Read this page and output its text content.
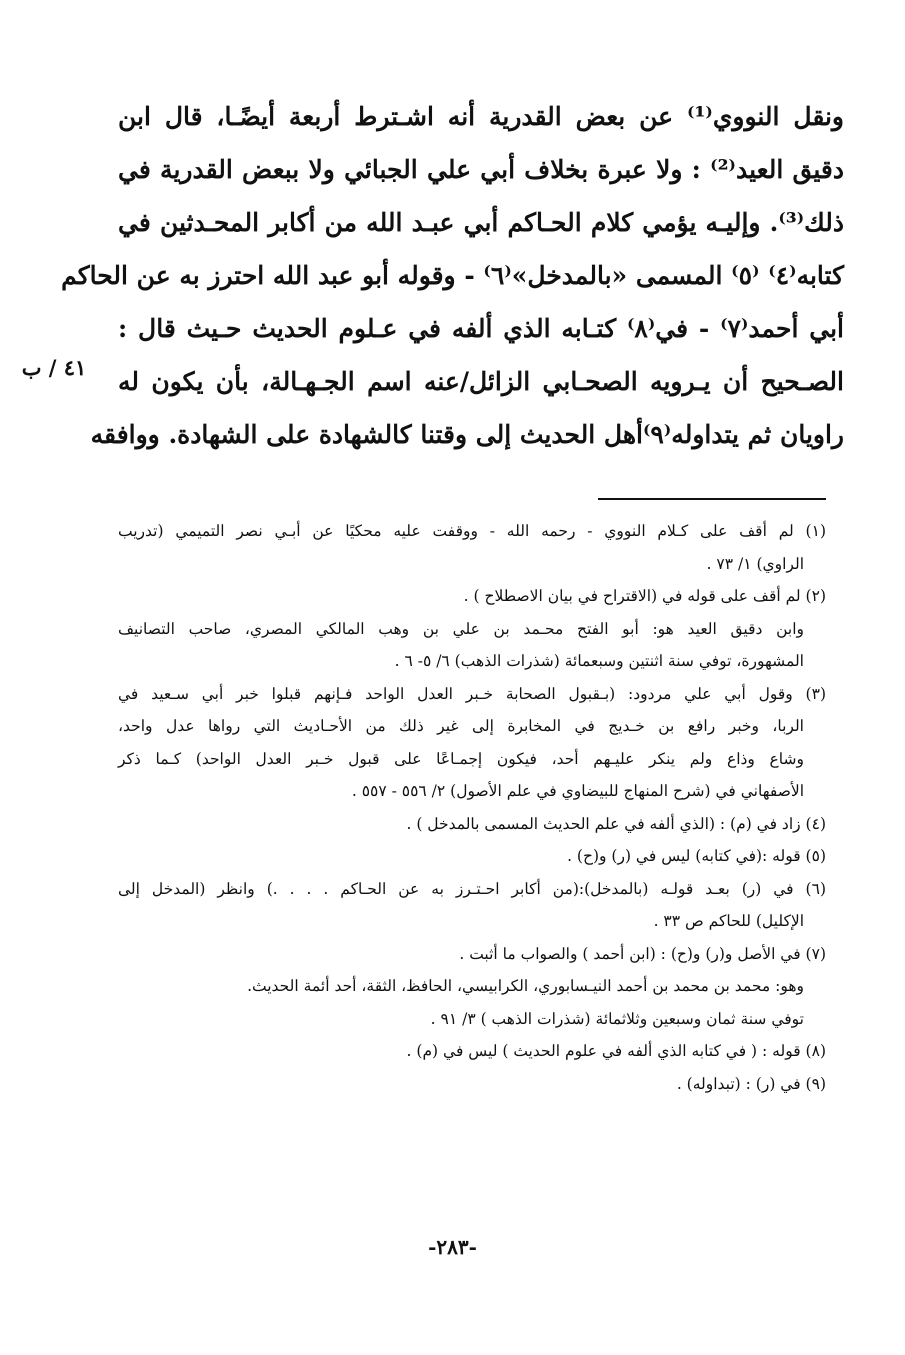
ونقل النووي⁽¹⁾ عن بعض القدرية أنه اشـترط أربعة أيضًـا، قال ابن
دقيق العيد⁽²⁾ : ولا عبرة بخلاف أبي علي الجبائي ولا ببعض القدرية في
ذلك⁽³⁾. وإليـه يؤمي كلام الحـاكم أبي عبـد الله من أكابر المحـدثين في
كتابه⁽٤⁾ ⁽٥⁾ المسمى «بالمدخل»⁽٦⁾ - وقوله أبو عبد الله احترز به عن الحاكم
أبي أحمد⁽٧⁾ - في⁽٨⁾ كتـابه الذي ألفه في عـلوم الحديث حـيث قال :
الصـحيح أن يـرويه الصحـابي الزائل/عنه اسم الجـهـالة، بأن يكون له
راويان ثم يتداوله⁽٩⁾أهل الحديث إلى وقتنا كالشهادة على الشهادة. ووافقه
٤١ / ب
(١) لم أقف على كـلام النووي - رحمه الله - ووقفت عليه محكيًا عن أبـي نصر التميمي (تدريب
الراوي) ١/ ٧٣ .
(٢) لم أقف على قوله في (الاقتراح في بيان الاصطلاح ) .
وابن دقيق العيد هو: أبو الفتح محـمد بن علي بن وهب المالكي المصري، صاحب التصانيف
المشهورة، توفي سنة اثنتين وسبعمائة (شذرات الذهب) ٦/ ٥- ٦ .
(٣) وقول أبي علي مردود: (بـقبول الصحابة خـبر العدل الواحد فـإنهم قبلوا خبر أبي سـعيد في
الربا، وخبر رافع بن خـديج في المخابرة إلى غير ذلك من الأحـاديث التي رواها عدل واحد،
وشاع وذاع ولم ينكر عليـهم أحد، فيكون إجمـاعًا على قبول خـبر العدل الواحد) كـما ذكر
الأصفهاني في (شرح المنهاج للبيضاوي في علم الأصول) ٢/ ٥٥٦ - ٥٥٧ .
(٤) زاد في (م) : (الذي ألفه في علم الحديث المسمى بالمدخل ) .
(٥) قوله :(في كتابه) ليس في (ر) و(ح) .
(٦) في (ر) بعـد قولـه (بالمدخل):(من أكابر احـتـرز به عن الحـاكم . . . .) وانظر (المدخل إلى
الإكليل) للحاكم ص ٣٣ .
(٧) في الأصل و(ر) و(ح) : (ابن أحمد ) والصواب ما أثبت .
وهو: محمد بن محمد بن أحمد النيـسابوري، الكرابيسي، الحافظ، الثقة، أحد أئمة الحديث.
توفي سنة ثمان وسبعين وثلاثمائة (شذرات الذهب ) ٣/ ٩١ .
(٨) قوله : ( في كتابه الذي ألفه في علوم الحديث ) ليس في (م) .
(٩) في (ر) : (تبداوله) .
-٢٨٣-
